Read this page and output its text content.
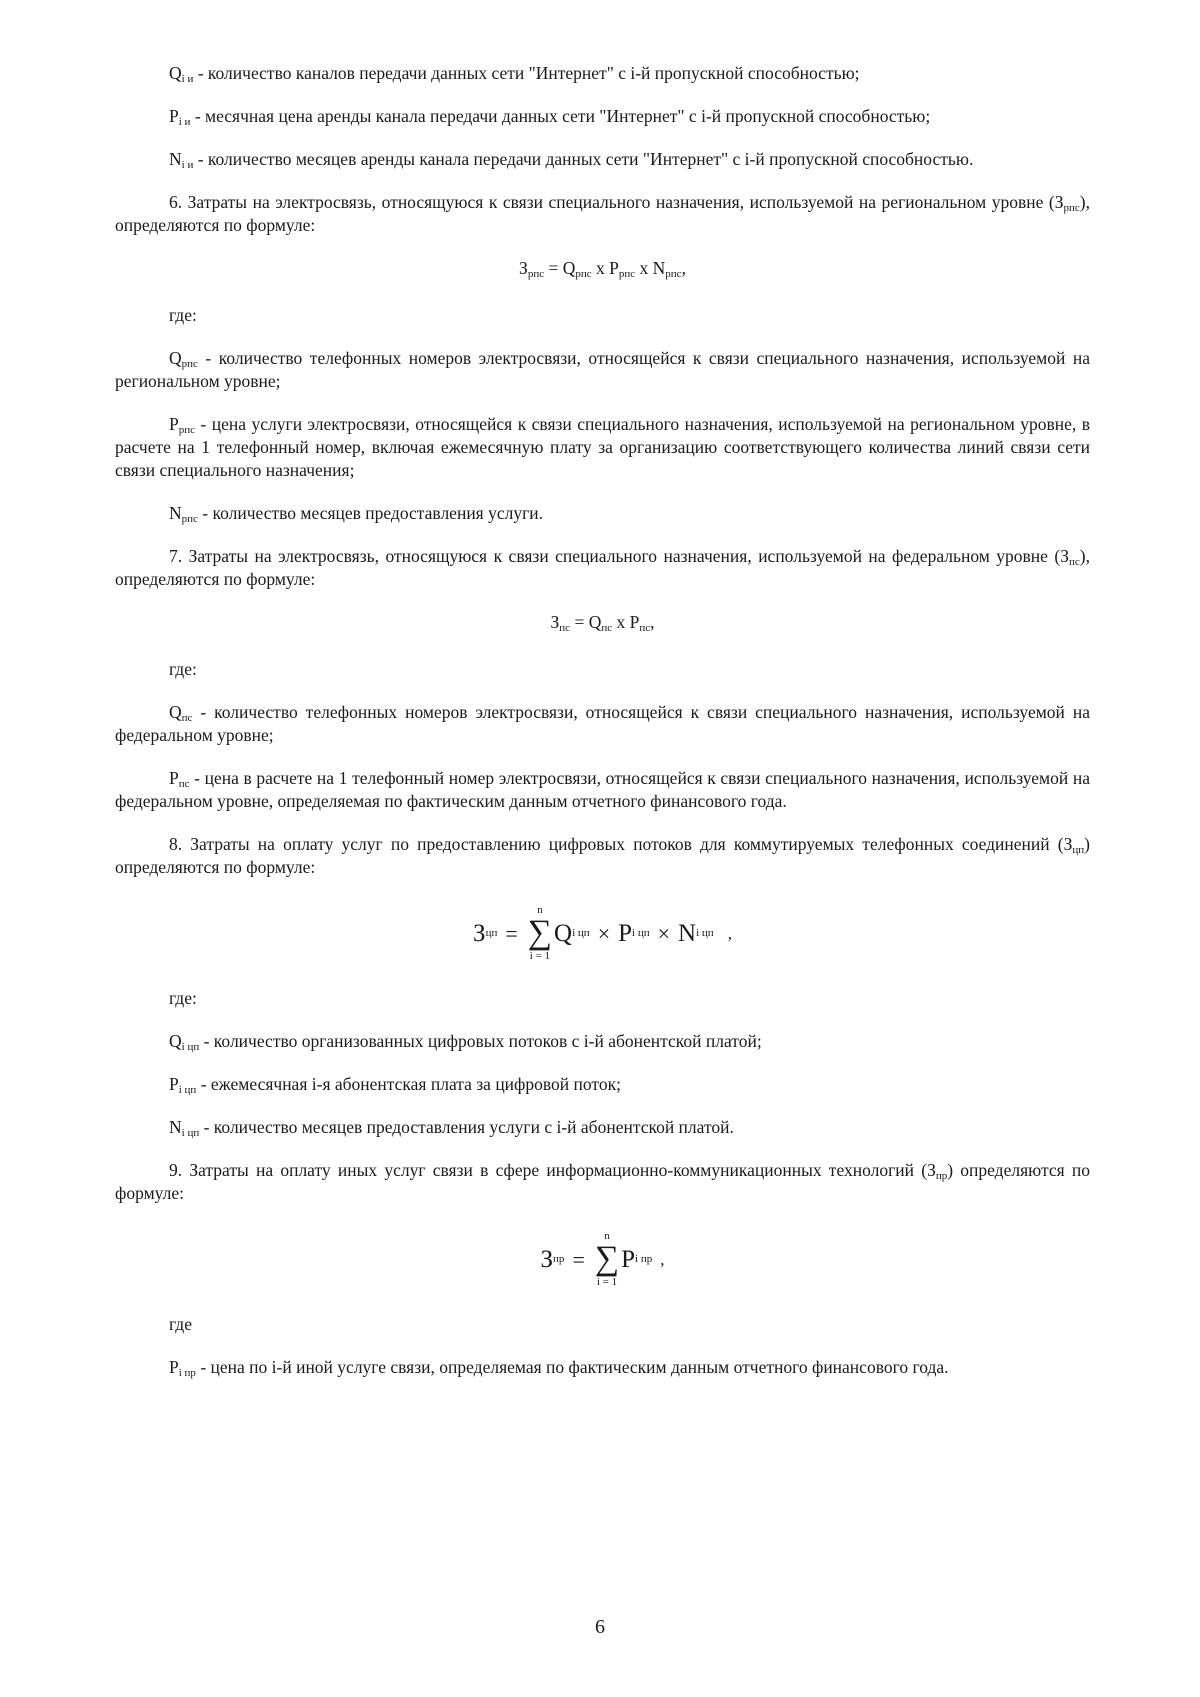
$Q_{i и}$ - количество каналов передачи данных сети "Интернет" с i-й пропускной способностью;

$P_{i и}$ - месячная цена аренды канала передачи данных сети "Интернет" с i-й пропускной способностью;

$N_{i и}$ - количество месяцев аренды канала передачи данных сети "Интернет" с i-й пропускной способностью.

6. Затраты на электросвязь, относящуюся к связи специального назначения, используемой на региональном уровне $(З_{рпс})$, определяются по формуле:

$З_{рпс} = Q_{рпс}$ x $P_{рпс}$ x $N_{рпс}$,
где:

$Q_{рпс}$ - количество телефонных номеров электросвязи, относящейся к связи специального назначения, используемой на региональном уровне;

$P_{рпс}$ - цена услуги электросвязи, относящейся к связи специального назначения, используемой на региональном уровне, в расчете на 1 телефонный номер, включая ежемесячную плату за организацию соответствующего количества линий связи сети связи специального назначения;

$N_{рпс}$ - количество месяцев предоставления услуги.

7. Затраты на электросвязь, относящуюся к связи специального назначения, используемой на федеральном уровне $(З_{пс})$, определяются по формуле:

$З_{пс} = Q_{пс}$ x $P_{пс}$,
где:

$Q_{пс}$ - количество телефонных номеров электросвязи, относящейся к связи специального назначения, используемой на федеральном уровне;

$P_{пс}$ - цена в расчете на 1 телефонный номер электросвязи, относящейся к связи специального назначения, используемой на федеральном уровне, определяемая по фактическим данным отчетного финансового года.

8. Затраты на оплату услуг по предоставлению цифровых потоков для коммутируемых телефонных соединений $(З_{цп})$ определяются по формуле:

З цп =
n
∑
i = 1
Q i цп × P i цп × N i цп ,
где:

$Q_{i цп}$ - количество организованных цифровых потоков с i-й абонентской платой;

$P_{i цп}$ - ежемесячная i-я абонентская плата за цифровой поток;

$N_{i цп}$ - количество месяцев предоставления услуги с i-й абонентской платой.

9. Затраты на оплату иных услуг связи в сфере информационно-коммуникационных технологий $(З_{пр})$ определяются по формуле:

З пр =
n
∑
i = 1
P i пр ,
где

$P_{i пр}$ - цена по i-й иной услуге связи, определяемая по фактическим данным отчетного финансового года.

6
